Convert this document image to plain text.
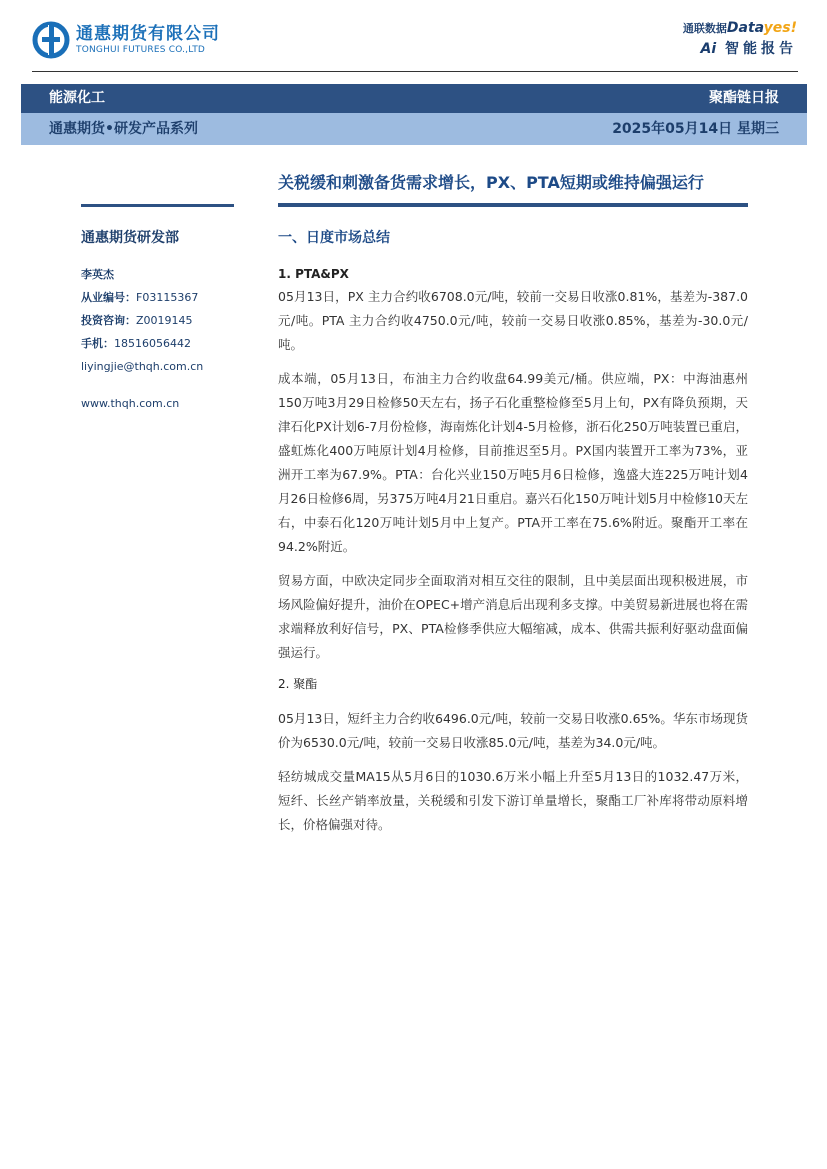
通惠期货有限公司
TONGHUI FUTURES CO.,LTD
通联数据Datayes!
Ai 智能报告
能源化工	聚酯链日报
通惠期货•研发产品系列	2025年05月14日 星期三
关税缓和刺激备货需求增长，PX、PTA短期或维持偏强运行
通惠期货研发部
李英杰
从业编号：F03115367
投资咨询：Z0019145
手机：18516056442
liyingjie@thqh.com.cn
www.thqh.com.cn
一、日度市场总结
1. PTA&PX

05月13日，PX 主力合约收6708.0元/吨，较前一交易日收涨0.81%，基差为-387.0元/吨。PTA 主力合约收4750.0元/吨，较前一交易日收涨0.85%，基差为-30.0元/吨。

成本端，05月13日，布油主力合约收盘64.99美元/桶。供应端，PX：中海油惠州150万吨3月29日检修50天左右，扬子石化重整检修至5月上旬，PX有降负预期，天津石化PX计划6-7月份检修，海南炼化计划4-5月检修，浙石化250万吨装置已重启，盛虹炼化400万吨原计划4月检修，目前推迟至5月。PX国内装置开工率为73%，亚洲开工率为67.9%。PTA：台化兴业150万吨5月6日检修，逸盛大连225万吨计划4月26日检修6周，另375万吨4月21日重启。嘉兴石化150万吨计划5月中检修10天左右，中泰石化120万吨计划5月中上复产。PTA开工率在75.6%附近。聚酯开工率在94.2%附近。

贸易方面，中欧决定同步全面取消对相互交往的限制，且中美层面出现积极进展，市场风险偏好提升，油价在OPEC+增产消息后出现利多支撑。中美贸易新进展也将在需求端释放利好信号，PX、PTA检修季供应大幅缩减，成本、供需共振利好驱动盘面偏强运行。

2. 聚酯

05月13日，短纤主力合约收6496.0元/吨，较前一交易日收涨0.65%。华东市场现货价为6530.0元/吨，较前一交易日收涨85.0元/吨，基差为34.0元/吨。

轻纺城成交量MA15从5月6日的1030.6万米小幅上升至5月13日的1032.47万米，短纤、长丝产销率放量，关税缓和引发下游订单量增长，聚酯工厂补库将带动原料增长，价格偏强对待。
